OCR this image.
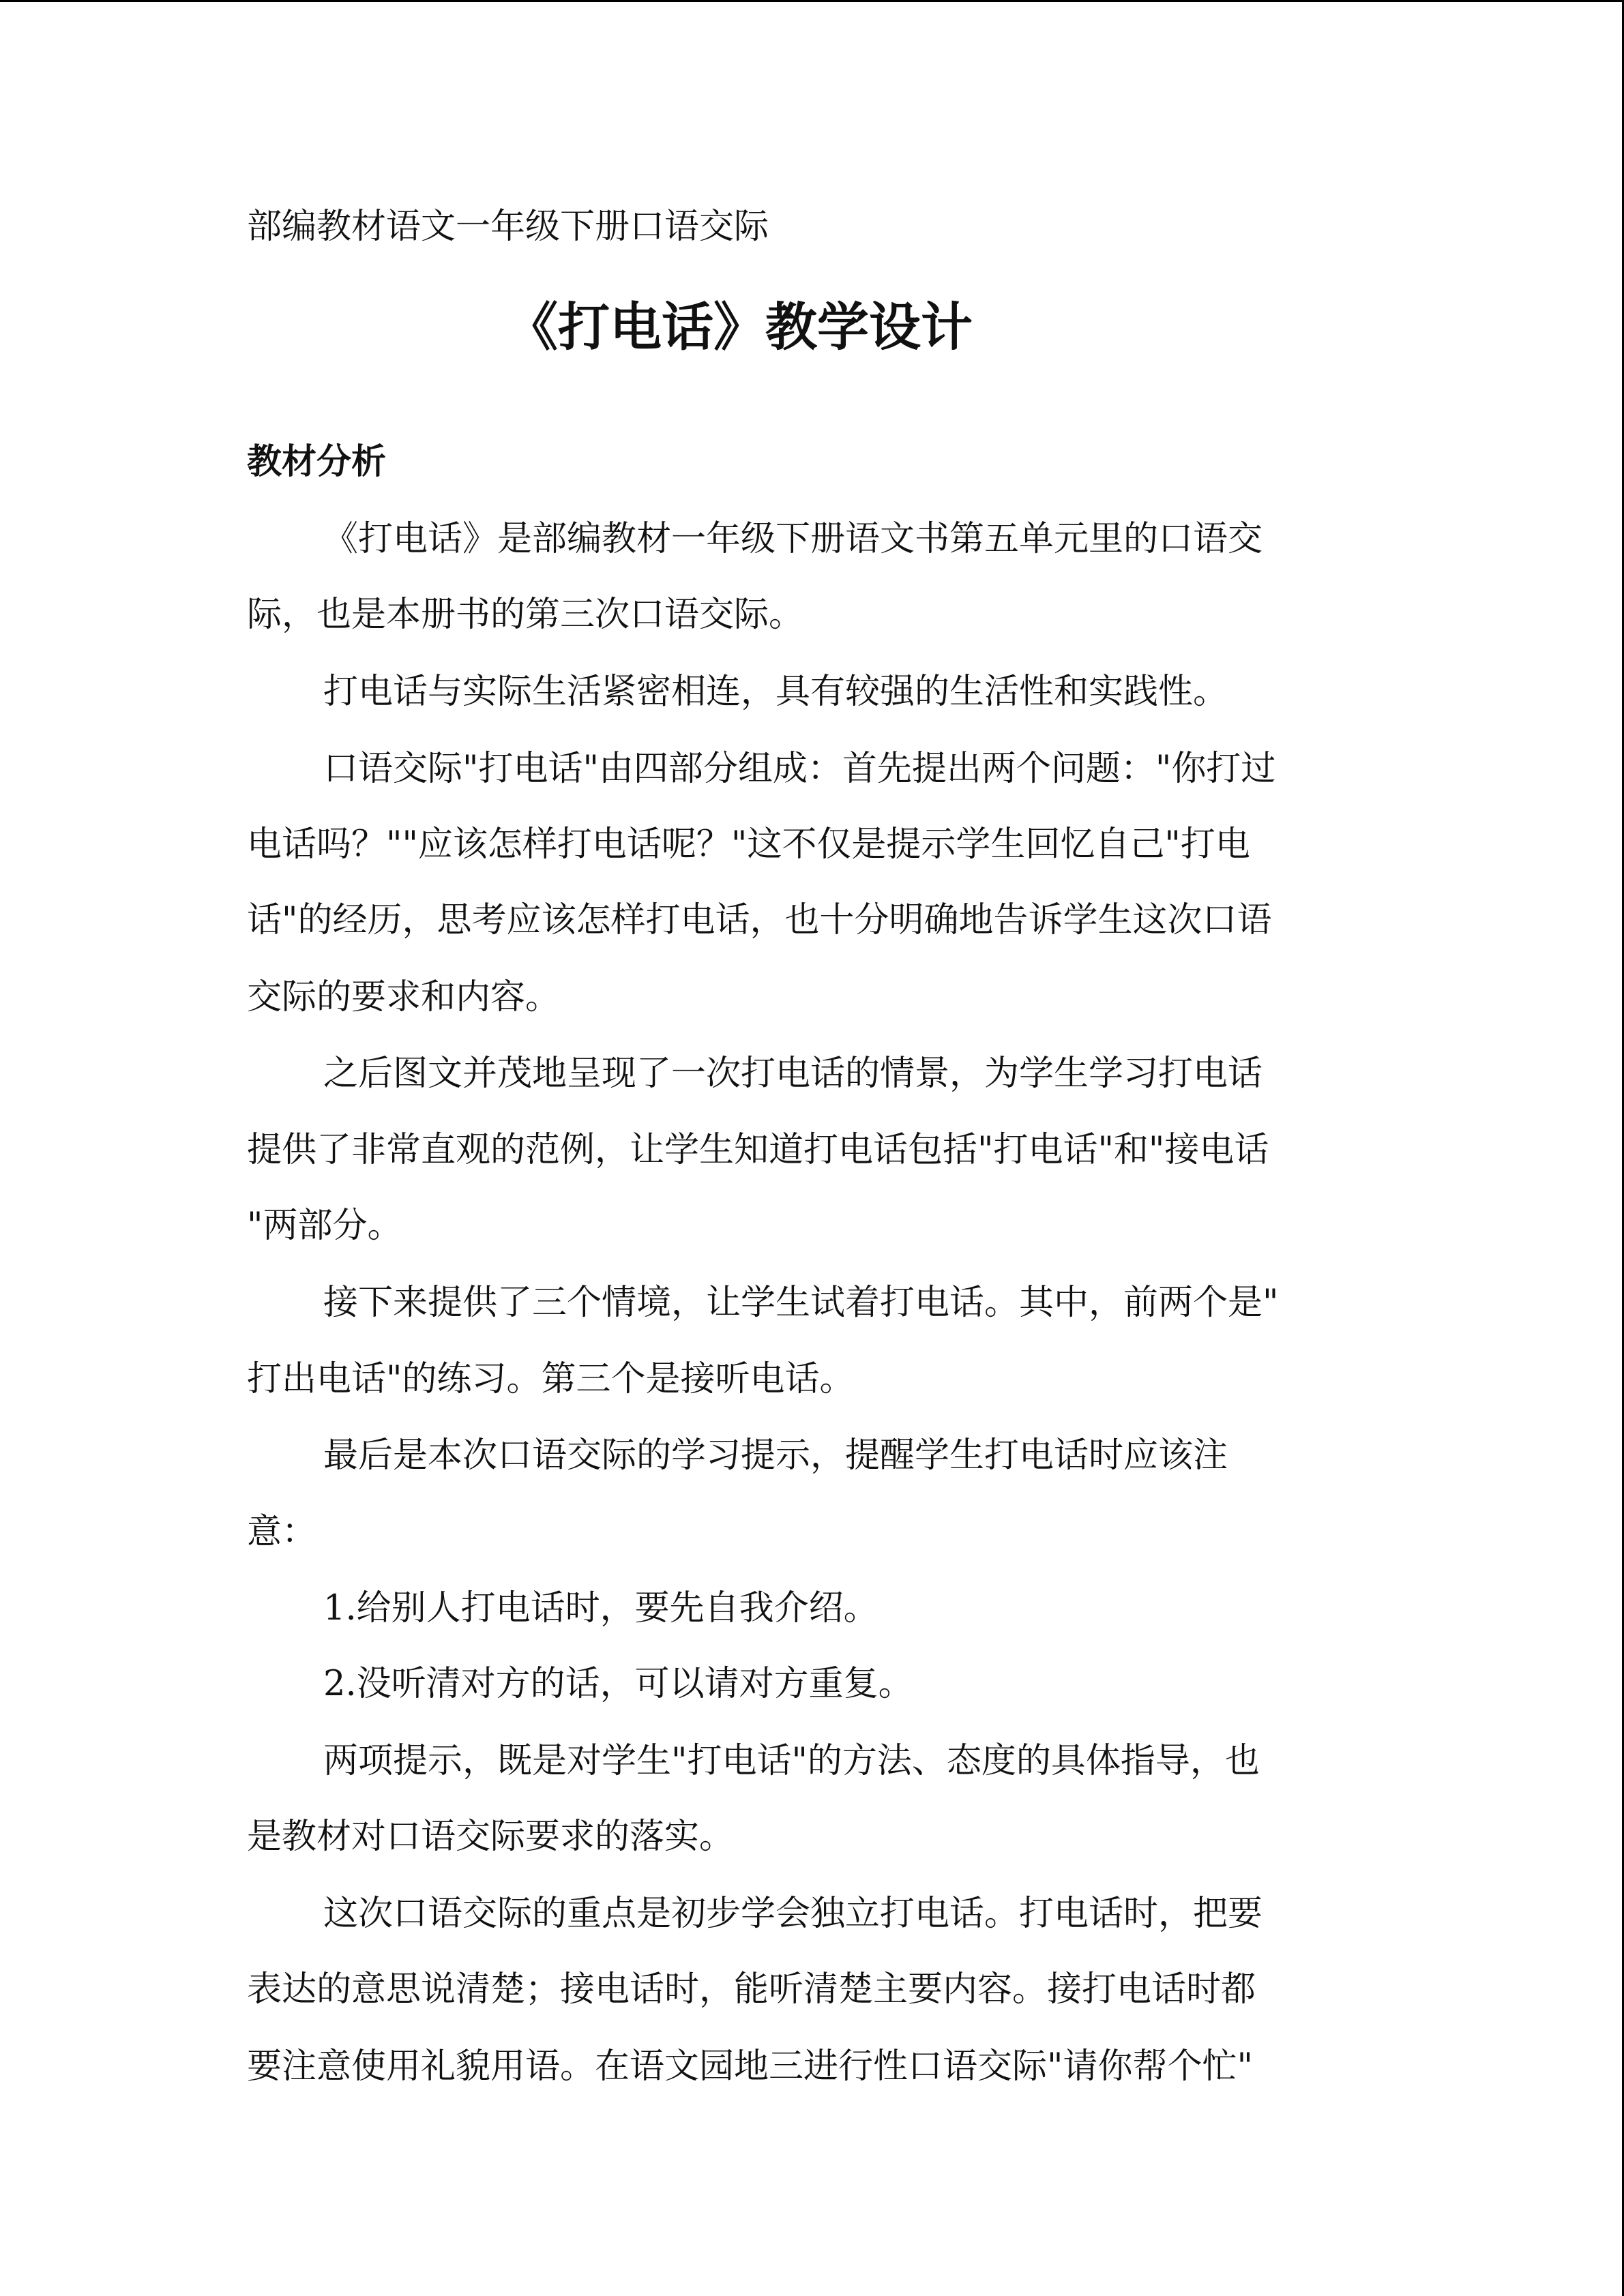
部编教材语文一年级下册口语交际
《打电话》教学设计
教材分析
《打电话》是部编教材一年级下册语文书第五单元里的口语交
际，也是本册书的第三次口语交际。
打电话与实际生活紧密相连，具有较强的生活性和实践性。
口语交际"打电话"由四部分组成：首先提出两个问题："你打过
电话吗？""应该怎样打电话呢？"这不仅是提示学生回忆自己"打电
话"的经历，思考应该怎样打电话，也十分明确地告诉学生这次口语
交际的要求和内容。
之后图文并茂地呈现了一次打电话的情景，为学生学习打电话
提供了非常直观的范例，让学生知道打电话包括"打电话"和"接电话
"两部分。
接下来提供了三个情境，让学生试着打电话。其中，前两个是"
打出电话"的练习。第三个是接听电话。
最后是本次口语交际的学习提示，提醒学生打电话时应该注
意：
1.给别人打电话时，要先自我介绍。
2.没听清对方的话，可以请对方重复。
两项提示，既是对学生"打电话"的方法、态度的具体指导，也
是教材对口语交际要求的落实。
这次口语交际的重点是初步学会独立打电话。打电话时，把要
表达的意思说清楚；接电话时，能听清楚主要内容。接打电话时都
要注意使用礼貌用语。在语文园地三进行性口语交际"请你帮个忙"
